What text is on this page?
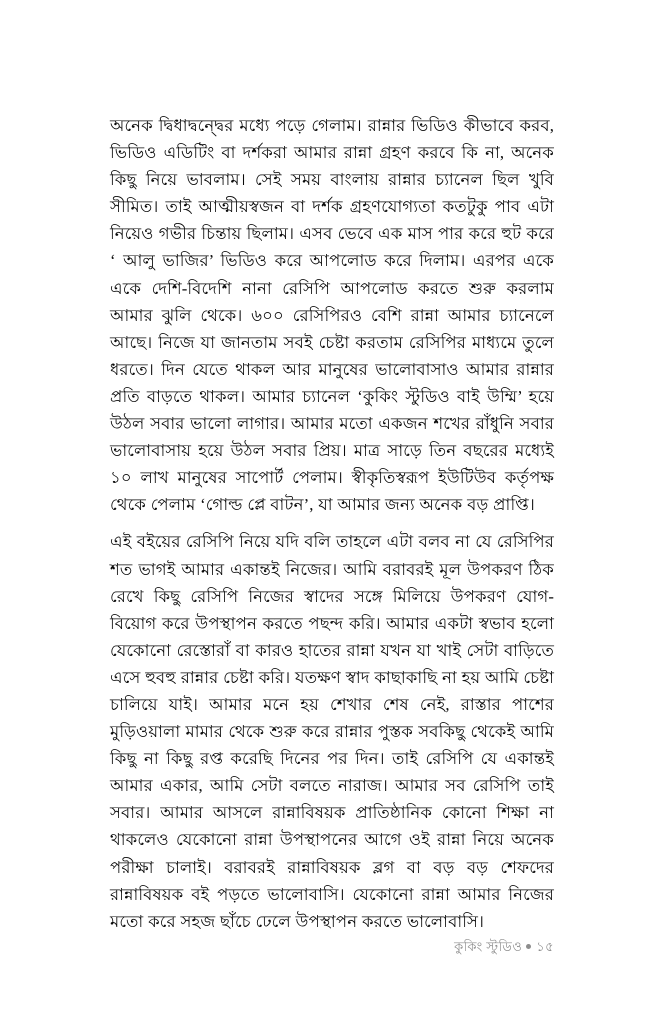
অনেক দ্বিধাদ্বন্দ্বের মধ্যে পড়ে গেলাম। রান্নার ভিডিও কীভাবে করব, ভিডিও এডিটিং বা দর্শকরা আমার রান্না গ্রহণ করবে কি না, অনেক কিছু নিয়ে ভাবলাম। সেই সময় বাংলায় রান্নার চ্যানেল ছিল খুবি সীমিত। তাই আত্মীয়স্বজন বা দর্শক গ্রহণযোগ্যতা কতটুকু পাব এটা নিয়েও গভীর চিন্তায় ছিলাম। এসব ভেবে এক মাস পার করে হুট করে ‘ আলু ভাজির’ ভিডিও করে আপলোড করে দিলাম। এরপর একে একে দেশি-বিদেশি নানা রেসিপি আপলোড করতে শুরু করলাম আমার ঝুলি থেকে। ৬০০ রেসিপিরও বেশি রান্না আমার চ্যানেলে আছে। নিজে যা জানতাম সবই চেষ্টা করতাম রেসিপির মাধ্যমে তুলে ধরতে। দিন যেতে থাকল আর মানুষের ভালোবাসাও আমার রান্নার প্রতি বাড়তে থাকল। আমার চ্যানেল ‘কুকিং স্টুডিও বাই উম্মি’ হয়ে উঠল সবার ভালো লাগার। আমার মতো একজন শখের রাঁধুনি সবার ভালোবাসায় হয়ে উঠল সবার প্রিয়। মাত্র সাড়ে তিন বছরের মধ্যেই ১০ লাখ মানুষের সাপোর্ট পেলাম। স্বীকৃতিস্বরূপ ইউটিউব কর্তৃপক্ষ থেকে পেলাম ‘গোল্ড প্লে বাটন’, যা আমার জন্য অনেক বড় প্রাপ্তি।

এই বইয়ের রেসিপি নিয়ে যদি বলি তাহলে এটা বলব না যে রেসিপির শত ভাগই আমার একান্তই নিজের। আমি বরাবরই মূল উপকরণ ঠিক রেখে কিছু রেসিপি নিজের স্বাদের সঙ্গে মিলিয়ে উপকরণ যোগ-বিয়োগ করে উপস্থাপন করতে পছন্দ করি। আমার একটা স্বভাব হলো যেকোনো রেস্তোরাঁ বা কারও হাতের রান্না যখন যা খাই সেটা বাড়িতে এসে হুবহু রান্নার চেষ্টা করি। যতক্ষণ স্বাদ কাছাকাছি না হয় আমি চেষ্টা চালিয়ে যাই। আমার মনে হয় শেখার শেষ নেই, রাস্তার পাশের মুড়িওয়ালা মামার থেকে শুরু করে রান্নার পুস্তক সবকিছু থেকেই আমি কিছু না কিছু রপ্ত করেছি দিনের পর দিন। তাই রেসিপি যে একান্তই আমার একার, আমি সেটা বলতে নারাজ। আমার সব রেসিপি তাই সবার। আমার আসলে রান্নাবিষয়ক প্রাতিষ্ঠানিক কোনো শিক্ষা না থাকলেও যেকোনো রান্না উপস্থাপনের আগে ওই রান্না নিয়ে অনেক পরীক্ষা চালাই। বরাবরই রান্নাবিষয়ক ব্লগ বা বড় বড় শেফদের রান্নাবিষয়ক বই পড়তে ভালোবাসি। যেকোনো রান্না আমার নিজের মতো করে সহজ ছাঁচে ঢেলে উপস্থাপন করতে ভালোবাসি।

কুকিং স্টুডিও ১৫
